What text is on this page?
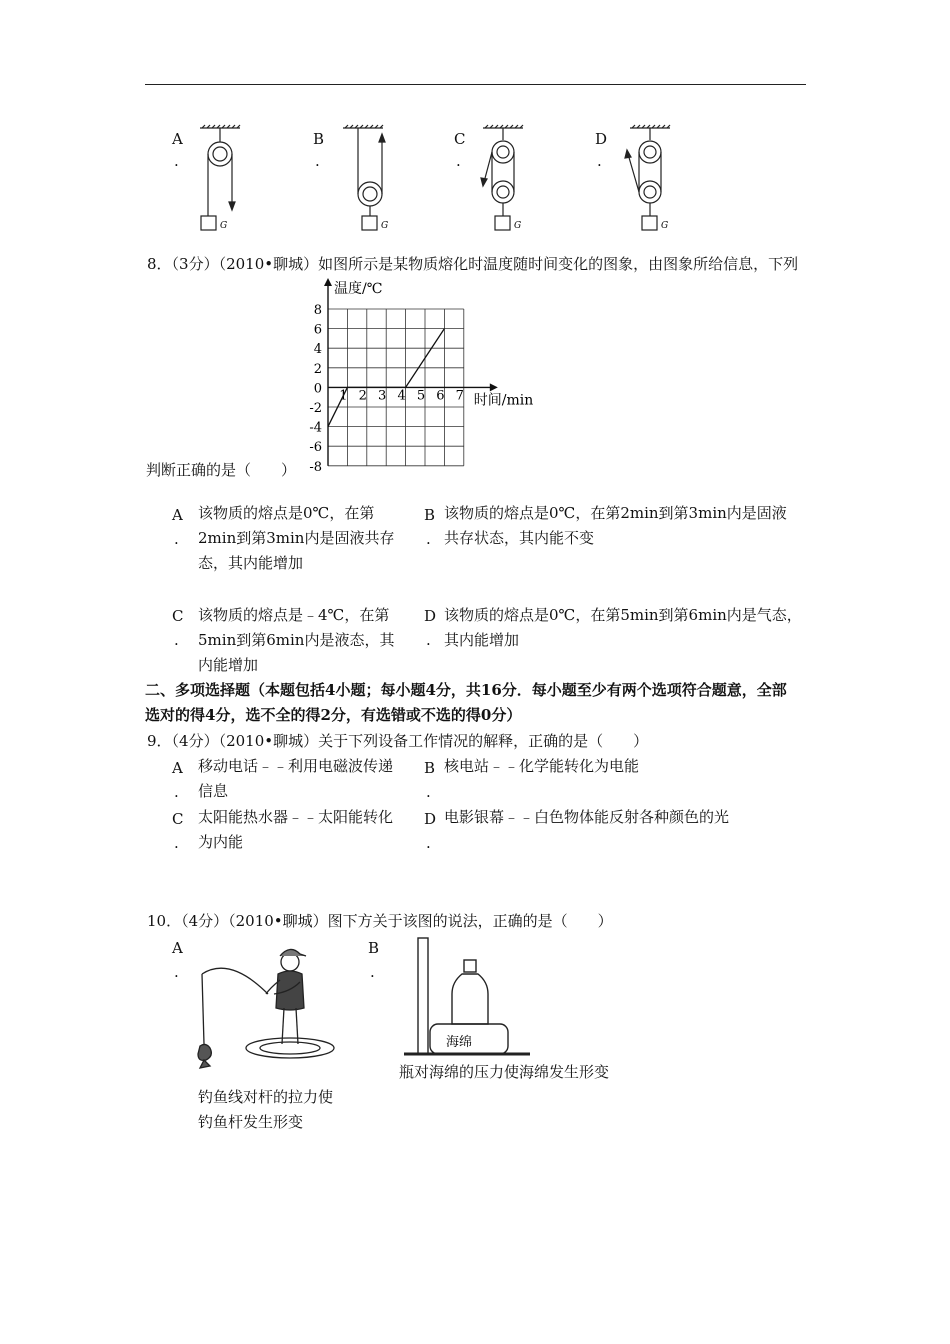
A
.
B
.
C
.
D
.
G	G	G	G
8．（3分）（2010•聊城）如图所示是某物质熔化时温度随时间变化的图象，由图象所给信息，下列
8
6
4
2
0
-2
-4
-6
-8
1 2 3 4 5 6 7
温度/℃
时间/min
判断正确的是（　　）
A
.
该物质的熔点是0℃，在第
2min到第3min内是固液共存
态，其内能增加
B
.
该物质的熔点是0℃，在第2min到第3min内是固液
共存状态，其内能不变
C
.
该物质的熔点是﹣4℃，在第
5min到第6min内是液态，其
内能增加
D
.
该物质的熔点是0℃，在第5min到第6min内是气态，
其内能增加
二、多项选择题（本题包括4小题；每小题4分，共16分．每小题至少有两个选项符合题意，全部
选对的得4分，选不全的得2分，有选错或不选的得0分）
9．（4分）（2010•聊城）关于下列设备工作情况的解释，正确的是（　　）
A
.
移动电话﹣﹣利用电磁波传递
信息
B
.
核电站﹣﹣化学能转化为电能
C
.
太阳能热水器﹣﹣太阳能转化
为内能
D
.
电影银幕﹣﹣白色物体能反射各种颜色的光
10．（4分）（2010•聊城）图下方关于该图的说法，正确的是（　　）
A
.
B
.
钓鱼线对杆的拉力使
钓鱼杆发生形变
海绵
瓶对海绵的压力使海绵发生形变
